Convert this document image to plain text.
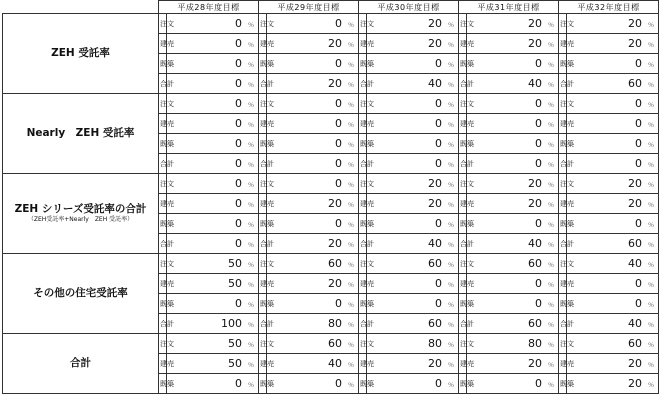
	平成28年度目標		平成29年度目標		平成30年度目標		平成31年度目標		平成32年度目標	
ZEH 受託率	注文	0 ％	注文	0 ％	注文	20 ％	注文	20 ％	注文	20 ％
	建売	0 ％	建売	20 ％	建売	20 ％	建売	20 ％	建売	20 ％
	既築	0 ％	既築	0 ％	既築	0 ％	既築	0 ％	既築	0 ％
	合計	0 ％	合計	20 ％	合計	40 ％	合計	40 ％	合計	60 ％
Nearly　ZEH 受託率	注文	0 ％	注文	0 ％	注文	0 ％	注文	0 ％	注文	0 ％
	建売	0 ％	建売	0 ％	建売	0 ％	建売	0 ％	建売	0 ％
	既築	0 ％	既築	0 ％	既築	0 ％	既築	0 ％	既築	0 ％
	合計	0 ％	合計	0 ％	合計	0 ％	合計	0 ％	合計	0 ％
ZEH シリーズ受託率の合計
（ZEH受託率+Nearly　ZEH 受託率）	注文	0 ％	注文	0 ％	注文	20 ％	注文	20 ％	注文	20 ％
	建売	0 ％	建売	20 ％	建売	20 ％	建売	20 ％	建売	20 ％
	既築	0 ％	既築	0 ％	既築	0 ％	既築	0 ％	既築	0 ％
	合計	0 ％	合計	20 ％	合計	40 ％	合計	40 ％	合計	60 ％
その他の住宅受託率	注文	50 ％	注文	60 ％	注文	60 ％	注文	60 ％	注文	40 ％
	建売	50 ％	建売	20 ％	建売	0 ％	建売	0 ％	建売	0 ％
	既築	0 ％	既築	0 ％	既築	0 ％	既築	0 ％	既築	0 ％
	合計	100 ％	合計	80 ％	合計	60 ％	合計	60 ％	合計	40 ％
合計	注文	50 ％	注文	60 ％	注文	80 ％	注文	80 ％	注文	60 ％
	建売	50 ％	建売	40 ％	建売	20 ％	建売	20 ％	建売	20 ％
	既築	0 ％	既築	0 ％	既築	0 ％	既築	0 ％	既築	20 ％
